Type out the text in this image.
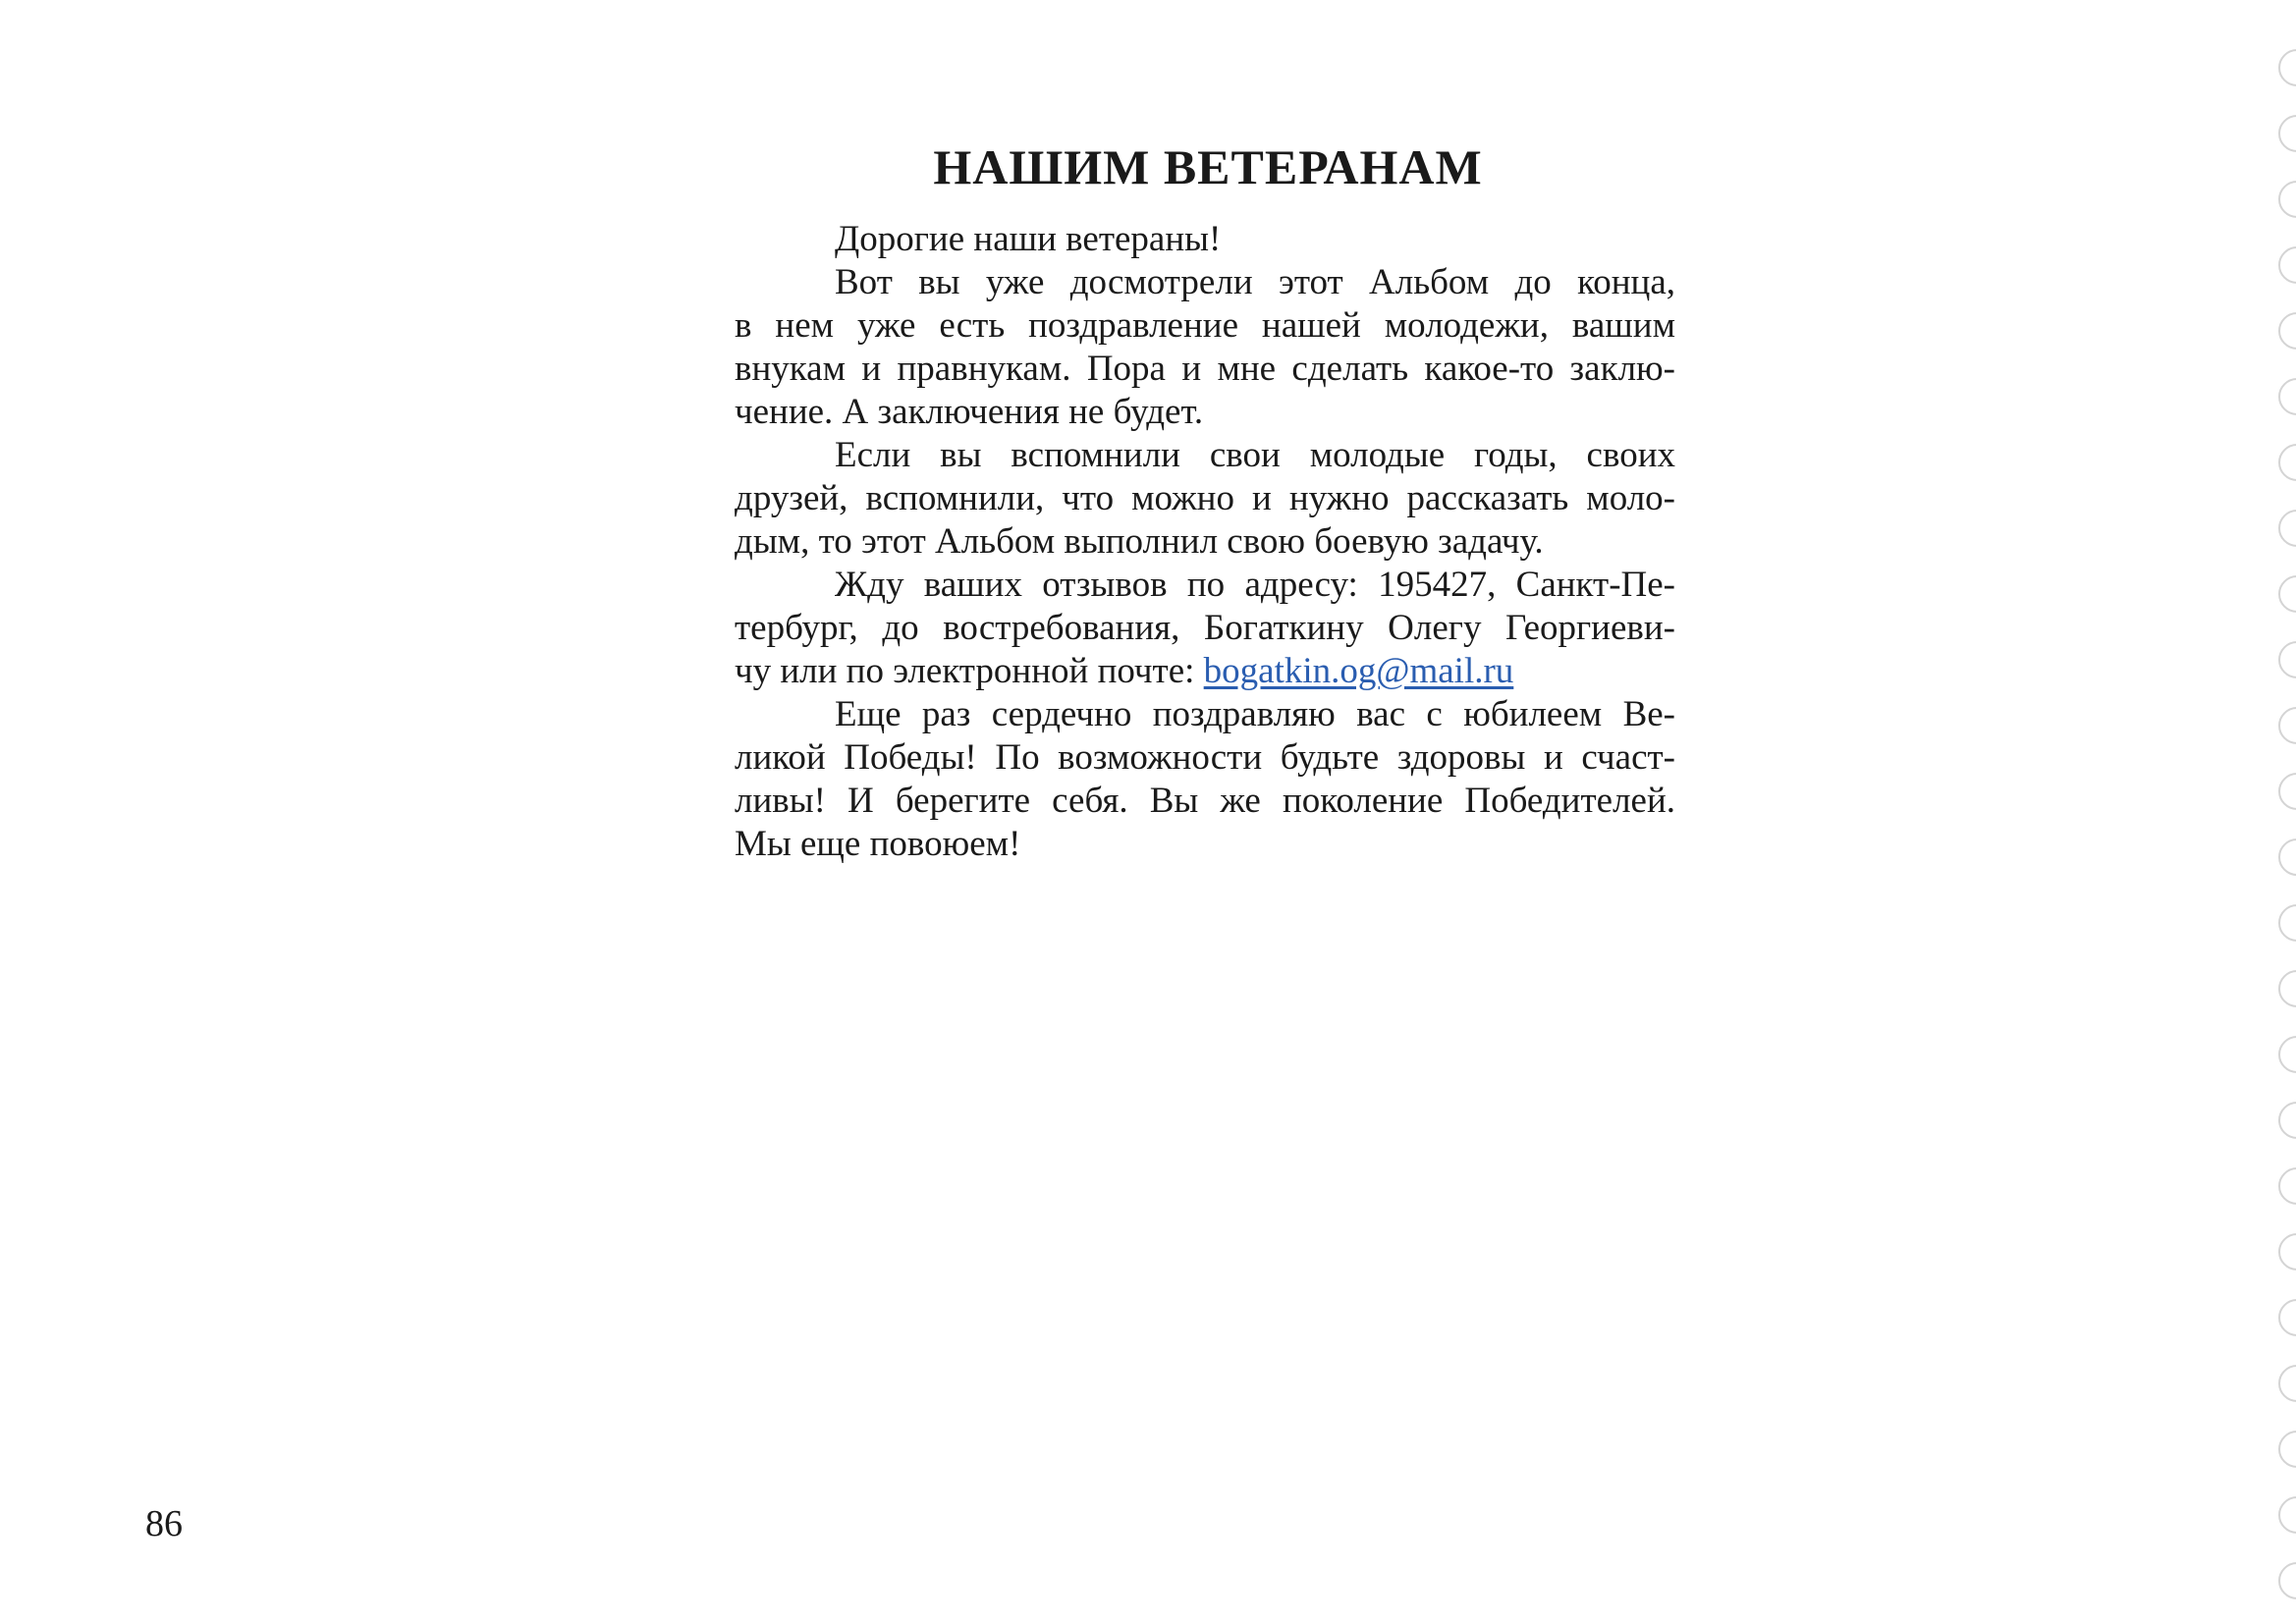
НАШИМ ВЕТЕРАНАМ

Дорогие наши ветераны!

Вот вы уже досмотрели этот Альбом до конца,

в нем уже есть поздравление нашей молодежи, вашим

внукам и правнукам. Пора и мне сделать какое-то заклю-

чение. А заключения не будет.

Если вы вспомнили свои молодые годы, своих

друзей, вспомнили, что можно и нужно рассказать моло-

дым, то этот Альбом выполнил свою боевую задачу.

Жду ваших отзывов по адресу: 195427, Санкт-Пе-

тербург, до востребования, Богаткину Олегу Георгиеви-

чу или по электронной почте: bogatkin.og@mail.ru

Еще раз сердечно поздравляю вас с юбилеем Ве-

ликой Победы! По возможности будьте здоровы и счаст-

ливы! И берегите себя. Вы же поколение Победителей.

Мы еще повоюем!

86
